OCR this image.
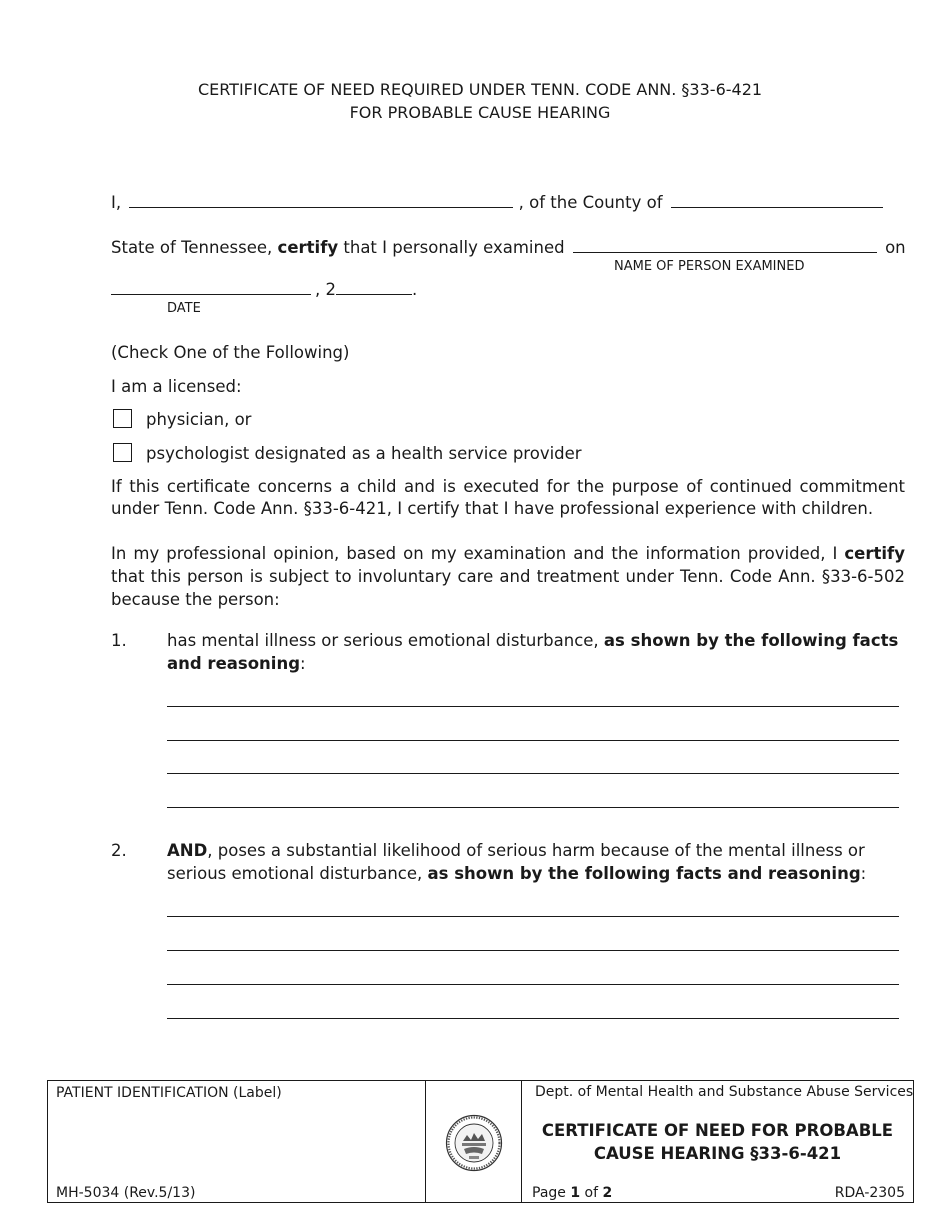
CERTIFICATE OF NEED REQUIRED UNDER TENN. CODE ANN. §33-6-421
FOR PROBABLE CAUSE HEARING
I,	, of the County of
State of Tennessee, certify that I personally examined	on
NAME OF PERSON EXAMINED
, 2	.
DATE
(Check One of the Following)
I am a licensed:
physician, or
psychologist designated as a health service provider
If this certificate concerns a child and is executed for the purpose of continued commitment
under Tenn. Code Ann. §33-6-421, I certify that I have professional experience with children.
In my professional opinion, based on my examination and the information provided, I certify
that this person is subject to involuntary care and treatment under Tenn. Code Ann. §33-6-502
because the person:
1. has mental illness or serious emotional disturbance, as shown by the following facts
and reasoning:
2. AND, poses a substantial likelihood of serious harm because of the mental illness or
serious emotional disturbance, as shown by the following facts and reasoning:
PATIENT IDENTIFICATION (Label)
MH-5034 (Rev.5/13)
Dept. of Mental Health and Substance Abuse Services
CERTIFICATE OF NEED FOR PROBABLE
CAUSE HEARING §33-6-421
Page 1 of 2	RDA-2305
